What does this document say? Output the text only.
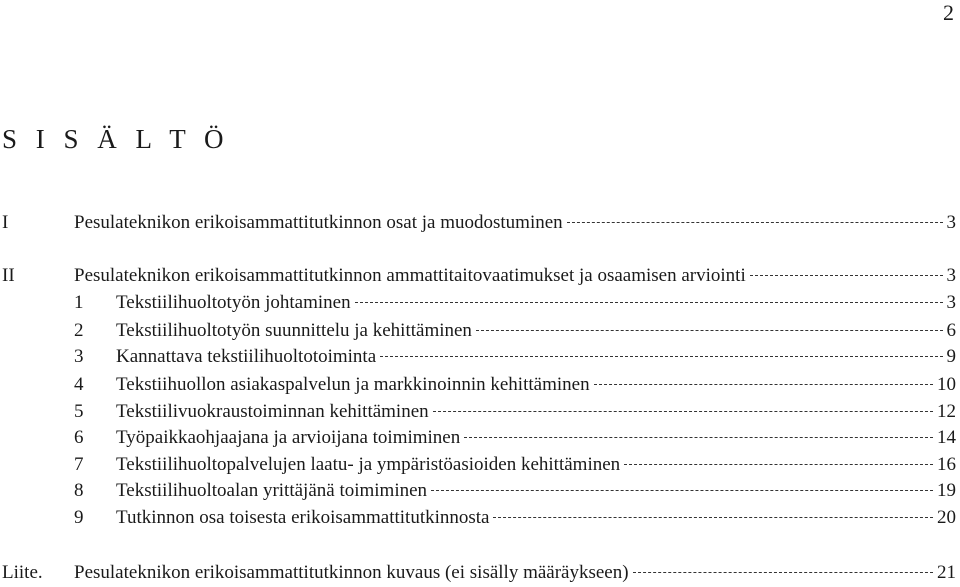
2
S I S Ä L T Ö
I	Pesulateknikon erikoisammattitutkinnon osat ja muodostuminen	3
II	Pesulateknikon erikoisammattitutkinnon ammattitaitovaatimukset ja osaamisen arviointi	3
1 Tekstiilihuoltotyön johtaminen	3
2 Tekstiilihuoltotyön suunnittelu ja kehittäminen	6
3 Kannattava tekstiilihuoltotoiminta	9
4 Tekstiihuollon asiakaspalvelun ja markkinoinnin kehittäminen	10
5 Tekstiilivuokraustoiminnan kehittäminen	12
6 Työpaikkaohjaajana ja arvioijana toimiminen	14
7 Tekstiilihuoltopalvelujen laatu- ja ympäristöasioiden kehittäminen	16
8 Tekstiilihuoltoalan yrittäjänä toimiminen	19
9 Tutkinnon osa toisesta erikoisammattitutkinnosta	20
Liite. Pesulateknikon erikoisammattitutkinnon kuvaus (ei sisälly määräykseen)	21
